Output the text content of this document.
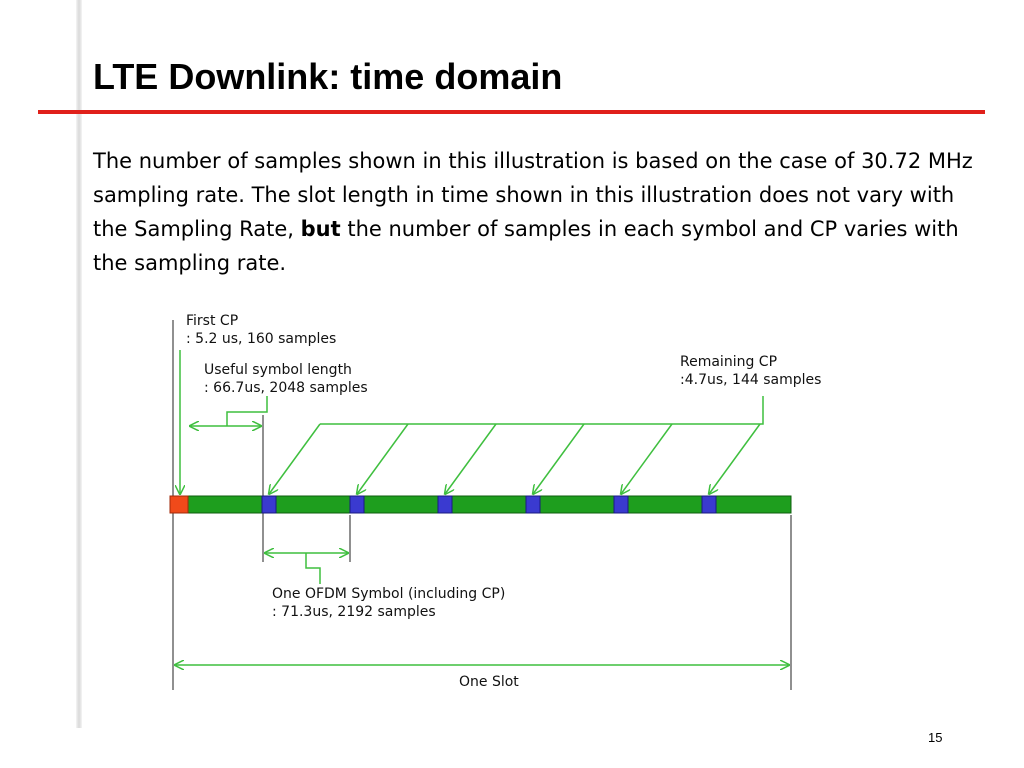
LTE Downlink: time domain
The number of samples shown in this illustration is based on the case of 30.72 MHz sampling rate. The slot length in time shown in this illustration does not vary with the Sampling Rate, but the number of samples in each symbol and CP varies with the sampling rate.
First CP
: 5.2 us, 160 samples
Useful symbol length
: 66.7us, 2048 samples
Remaining CP
:4.7us, 144 samples
One OFDM Symbol (including CP)
: 71.3us, 2192 samples
One Slot
15
